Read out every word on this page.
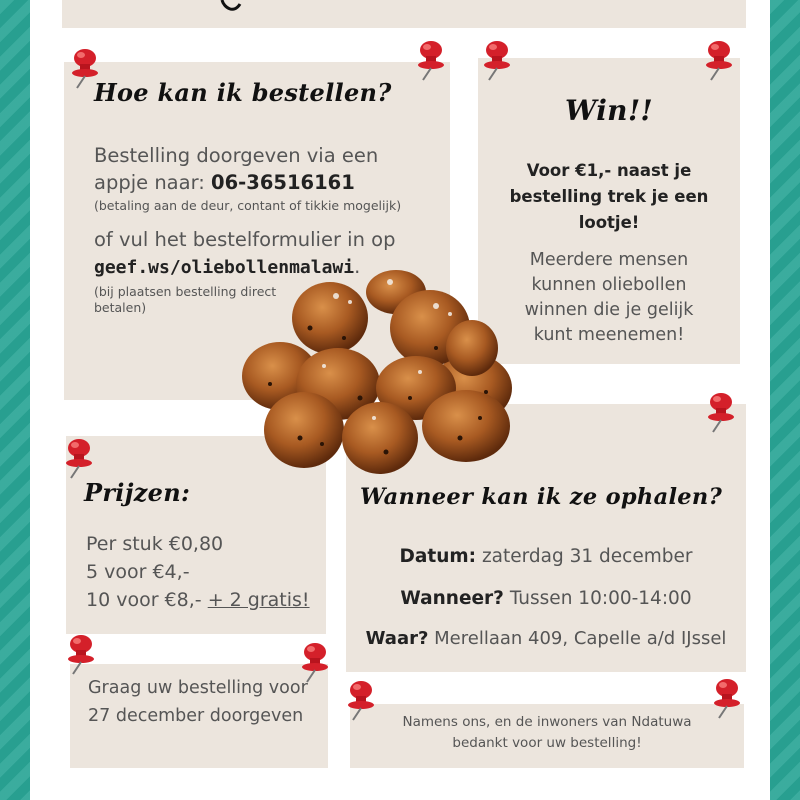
Hoe kan ik bestellen?
Bestelling doorgeven via een
appje naar: 06-36516161
(betaling aan de deur, contant of tikkie mogelijk)
of vul het bestelformulier in op
geef.ws/oliebollenmalawi.
(bij plaatsen bestelling direct
betalen)
Win!!
Voor €1,- naast je
bestelling trek je een
lootje!
Meerdere mensen
kunnen oliebollen
winnen die je gelijk
kunt meenemen!
Prijzen:
Per stuk €0,80
5 voor €4,-
10 voor €8,- + 2 gratis!
Wanneer kan ik ze ophalen?
Datum: zaterdag 31 december
Wanneer? Tussen 10:00-14:00
Waar? Merellaan 409, Capelle a/d IJssel
Graag uw bestelling voor
27 december doorgeven	Namens ons, en de inwoners van Ndatuwa
bedankt voor uw bestelling!
